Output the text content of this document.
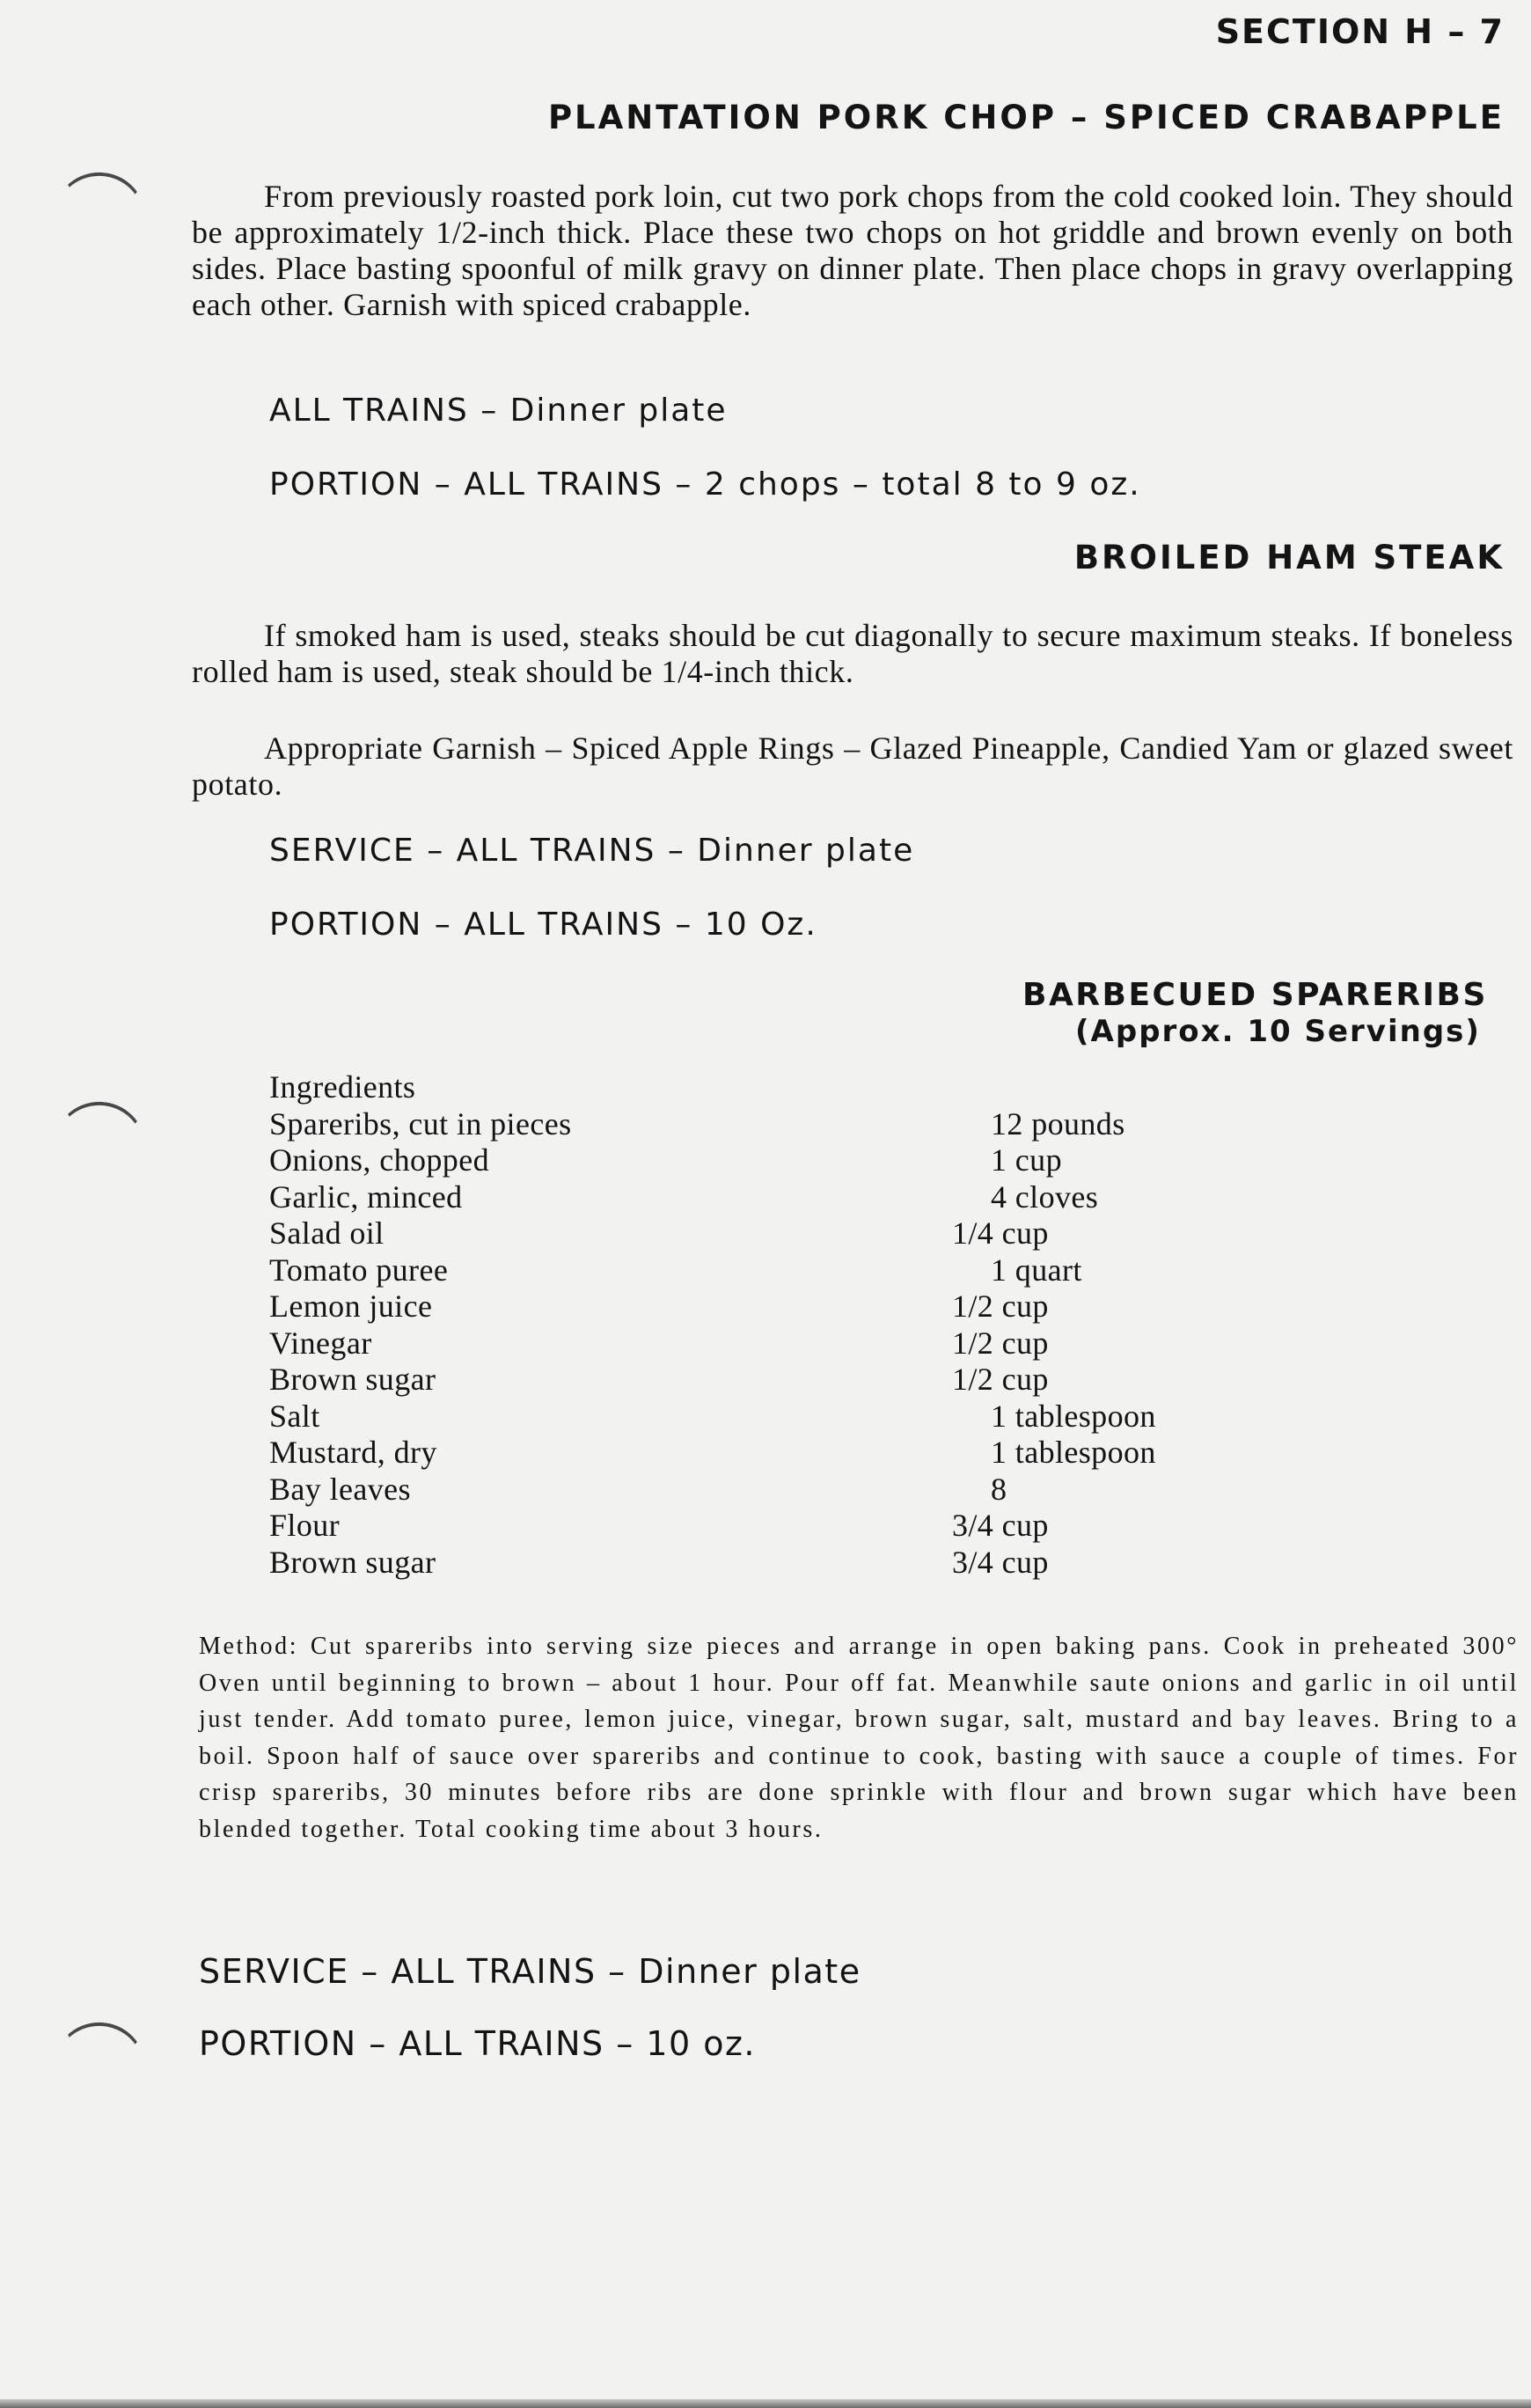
SECTION H – 7
PLANTATION PORK CHOP – SPICED CRABAPPLE
From previously roasted pork loin, cut two pork chops from the cold cooked loin. They should be approximately 1/2-inch thick. Place these two chops on hot griddle and brown evenly on both sides. Place basting spoonful of milk gravy on dinner plate. Then place chops in gravy overlapping each other. Garnish with spiced crabapple.
ALL TRAINS – Dinner plate
PORTION – ALL TRAINS – 2 chops – total 8 to 9 oz.
BROILED HAM STEAK
If smoked ham is used, steaks should be cut diagonally to secure maximum steaks. If boneless rolled ham is used, steak should be 1/4-inch thick.
Appropriate Garnish – Spiced Apple Rings – Glazed Pineapple, Candied Yam or glazed sweet potato.
SERVICE – ALL TRAINS – Dinner plate
PORTION – ALL TRAINS – 10 Oz.
BARBECUED SPARERIBS
(Approx. 10 Servings)
Ingredients
Spareribs, cut in pieces	12 pounds
Onions, chopped	1 cup
Garlic, minced	4 cloves
Salad oil	1/4 cup
Tomato puree	1 quart
Lemon juice	1/2 cup
Vinegar	1/2 cup
Brown sugar	1/2 cup
Salt	1 tablespoon
Mustard, dry	1 tablespoon
Bay leaves	8
Flour	3/4 cup
Brown sugar	3/4 cup
Method: Cut spareribs into serving size pieces and arrange in open baking pans. Cook in preheated 300° Oven until beginning to brown – about 1 hour. Pour off fat. Meanwhile saute onions and garlic in oil until just tender. Add tomato puree, lemon juice, vinegar, brown sugar, salt, mustard and bay leaves. Bring to a boil. Spoon half of sauce over spareribs and continue to cook, basting with sauce a couple of times. For crisp spareribs, 30 minutes before ribs are done sprinkle with flour and brown sugar which have been blended together. Total cooking time about 3 hours.
SERVICE – ALL TRAINS – Dinner plate
PORTION – ALL TRAINS – 10 oz.
